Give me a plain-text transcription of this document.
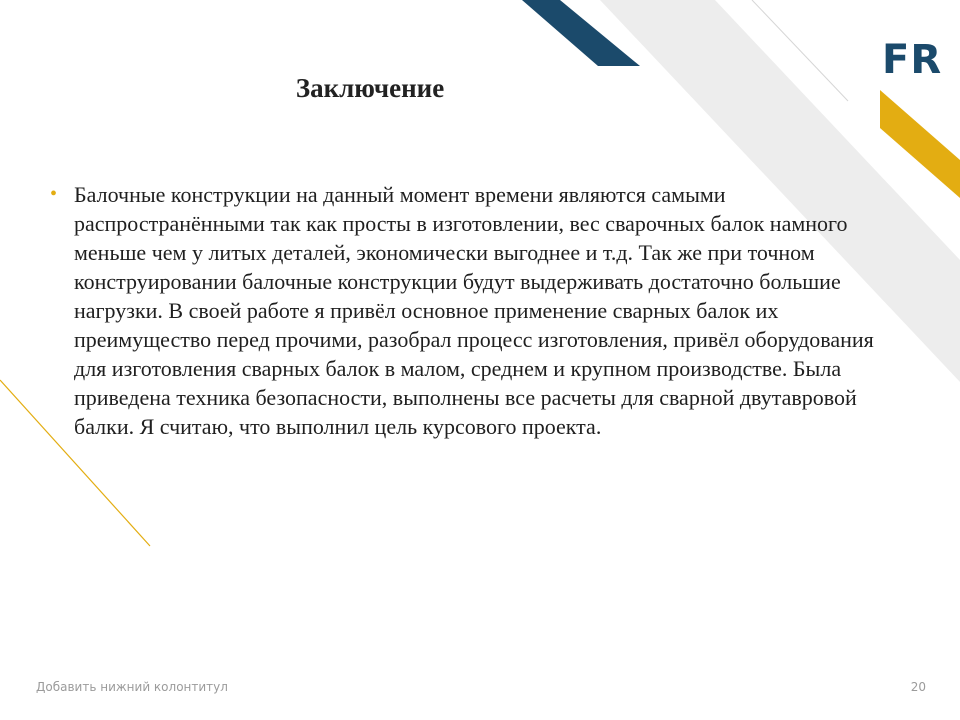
FR

Заключение
• Балочные конструкции на данный момент времени являются самыми распространёнными так как просты в изготовлении, вес сварочных балок намного меньше чем у литых деталей, экономически выгоднее и т.д. Так же при точном конструировании балочные конструкции будут выдерживать достаточно большие нагрузки. В своей работе я привёл основное применение сварных балок их преимущество перед прочими, разобрал процесс изготовления, привёл оборудования для изготовления сварных балок в малом, среднем и крупном производстве. Была приведена техника безопасности, выполнены все расчеты для сварной двутавровой балки. Я считаю, что выполнил цель курсового проекта.

Добавить нижний колонтитул	20
